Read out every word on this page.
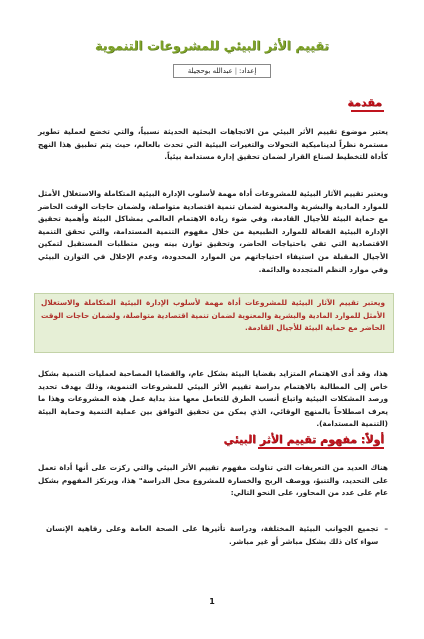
تقييم الأثر البيئي للمشروعات التنموية
إعداد:
|
عبدالله بوحجيلة
مقدمة
يعتبر موضوع تقييم الأثر البيئي من الاتجاهات البحثية الحديثة نسبياً، والتي تخضع لعملية تطوير مستمرة نظراً لديناميكية التحولات والتغيرات البيئية التي تحدث بالعالم، حيث يتم تطبيق هذا النهج كأداة للتخطيط لصناع القرار لضمان تحقيق إدارة مستدامة بيئياً.
ويعتبر تقييم الآثار البيئية للمشروعات أداة مهمة لأسلوب الإدارة البيئية المتكاملة والاستغلال الأمثل للموارد المادية والبشرية والمعنوية لضمان تنمية اقتصادية متواصلة، ولضمان حاجات الوقت الحاضر مع حماية البيئة للأجيال القادمة، وفي ضوء زيادة الاهتمام العالمي بمشاكل البيئة وأهمية تحقيق الإدارة البيئية الفعالة للموارد الطبيعية من خلال مفهوم التنمية المستدامة، والتي تحقق التنمية الاقتصادية التي تفي باحتياجات الحاضر، وتحقيق توازن بينه وبين متطلبات المستقبل لتمكين الأجيال المقبلة من استيفاء احتياجاتهم من الموارد المحدودة، وعدم الإخلال في التوازن البيئي وفي موارد النظم المتجددة والدائمة.
ويعتبر تقييم الآثار البيئية للمشروعات أداة مهمة لأسلوب الإدارة البيئية المتكاملة والاستغلال الأمثل للموارد المادية والبشرية والمعنوية لضمان تنمية اقتصادية متواصلة، ولضمان حاجات الوقت الحاضر مع حماية البيئة للأجيال القادمة.
هذا، وقد أدى الاهتمام المتزايد بقضايا البيئة بشكل عام، والقضايا المصاحبة لعمليات التنمية بشكل خاص إلى المطالبة بالاهتمام بدراسة تقييم الأثر البيئي للمشروعات التنموية، وذلك بهدف تحديد ورصد المشكلات البيئية واتباع أنسب الطرق للتعامل معها منذ بداية عمل هذه المشروعات وهذا ما يعرف اصطلاحاً بالمنهج الوقائي، الذي يمكن من تحقيق التوافق بين عملية التنمية وحماية البيئة (التنمية المستدامة).
أولاً: مفهوم تقييم الأثر البيئي
هناك العديد من التعريفات التي تناولت مفهوم تقييم الأثر البيئي والتي ركزت على أنها أداة تعمل على التحديد، والتنبؤ، ووصف الربح والخسارة للمشروع محل الدراسة" هذا، ويرتكز المفهوم بشكل عام على عدد من المحاور، على النحو التالي:
–
تجميع الجوانب البيئية المختلفة، ودراسة تأثيرها على الصحة العامة وعلى رفاهية الإنسان سواء كان ذلك بشكل مباشر أو غير مباشر.
1
